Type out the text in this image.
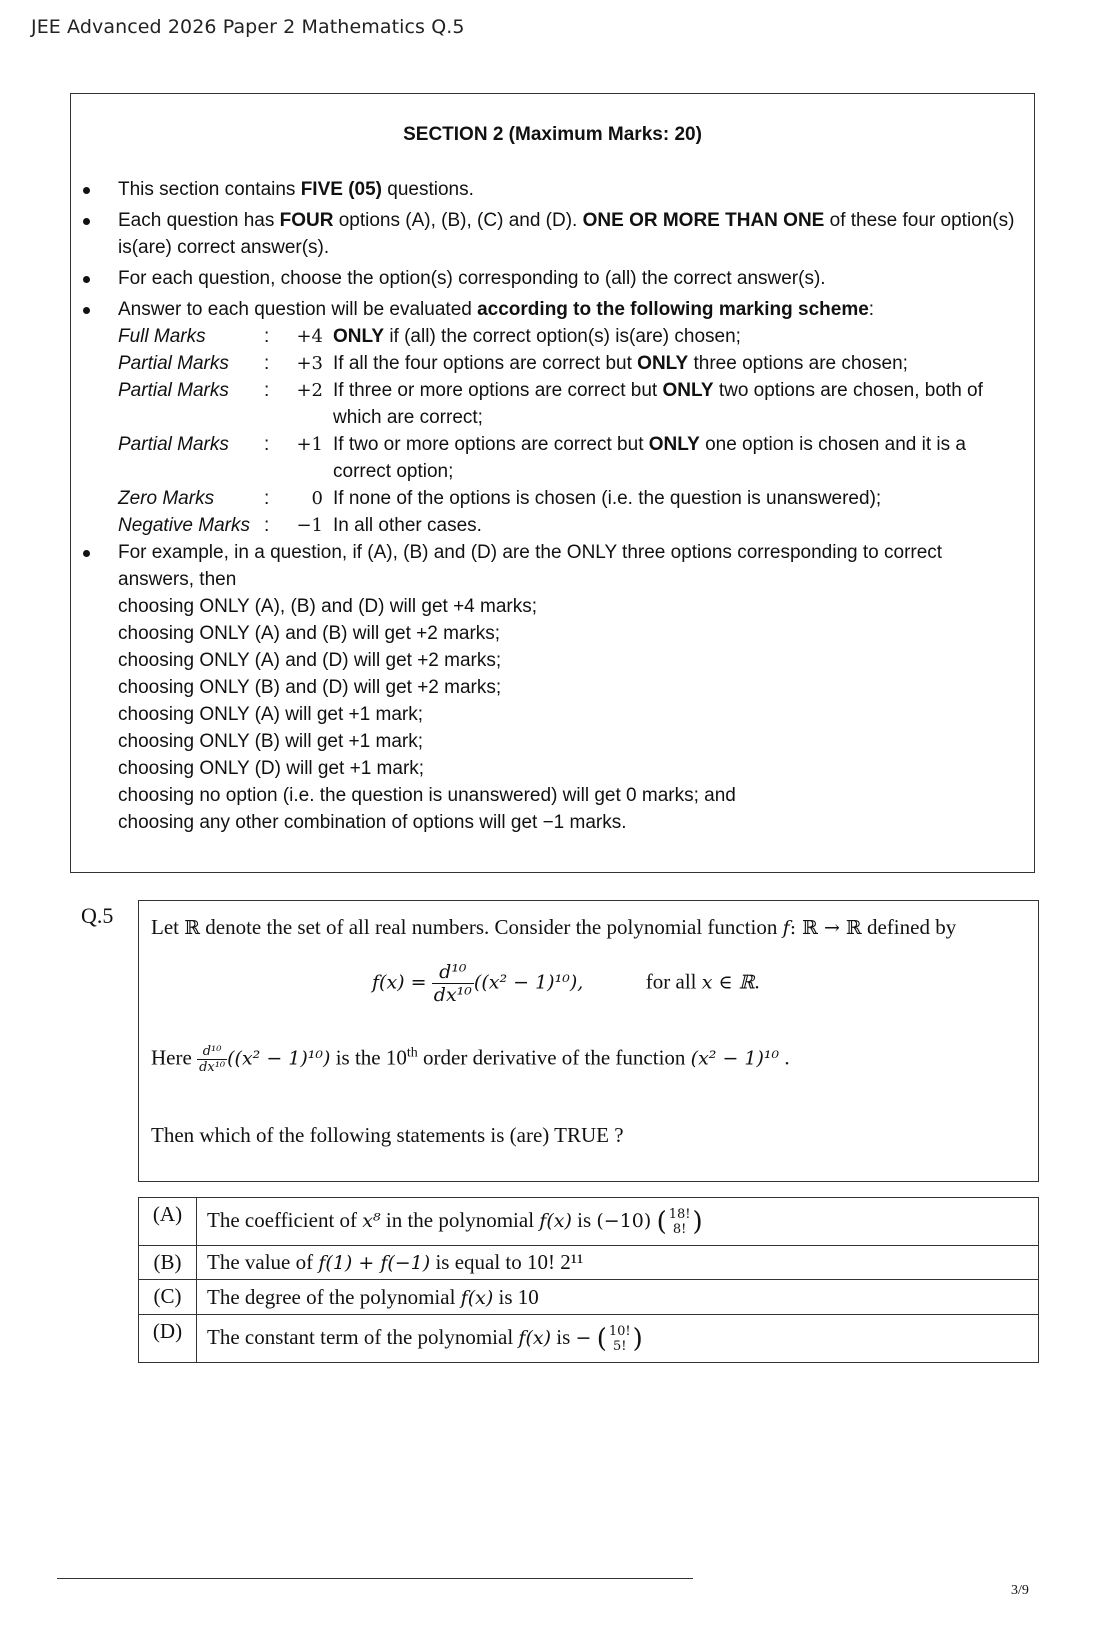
JEE Advanced 2026 Paper 2 Mathematics Q.5
SECTION 2 (Maximum Marks: 20)
This section contains FIVE (05) questions.
Each question has FOUR options (A), (B), (C) and (D). ONE OR MORE THAN ONE of these four option(s)
is(are) correct answer(s).
For each question, choose the option(s) corresponding to (all) the correct answer(s).
Answer to each question will be evaluated according to the following marking scheme:
Full Marks	:	+4 ONLY if (all) the correct option(s) is(are) chosen;
Partial Marks :	+3 If all the four options are correct but ONLY three options are chosen;
Partial Marks :	+2 If three or more options are correct but ONLY two options are chosen, both of
which are correct;
Partial Marks :	+1 If two or more options are correct but ONLY one option is chosen and it is a
correct option;
Zero Marks	:	0 If none of the options is chosen (i.e. the question is unanswered);
Negative Marks :	−1 In all other cases.
For example, in a question, if (A), (B) and (D) are the ONLY three options corresponding to correct
answers, then
choosing ONLY (A), (B) and (D) will get +4 marks;
choosing ONLY (A) and (B) will get +2 marks;
choosing ONLY (A) and (D) will get +2 marks;
choosing ONLY (B) and (D) will get +2 marks;
choosing ONLY (A) will get +1 mark;
choosing ONLY (B) will get +1 mark;
choosing ONLY (D) will get +1 mark;
choosing no option (i.e. the question is unanswered) will get 0 marks; and
choosing any other combination of options will get −1 marks.
Q.5 Let ℝ denote the set of all real numbers. Consider the polynomial function f: ℝ → ℝ defined by
$f(x) = \frac{\text{d¹⁰}}{\text{dx¹⁰}} ((x^2 - 1)^{10})$,	for all x ∈ ℝ.
Here $\frac{\text{d¹⁰}}{\text{dx¹⁰}} ((x^2 - 1)^{10})$ is the 10th order derivative of the function (x² − 1)¹⁰ .
Then which of the following statements is (are) TRUE ?
(A)	The coefficient of x⁸ in the polynomial f(x) is (−10) ( 18!
8! )
(B)	The value of f(1) + f(−1) is equal to 10! 2¹¹
(C)	The degree of the polynomial f(x) is 10
(D)	The constant term of the polynomial f(x) is − ( 10!
5! )
3/9
